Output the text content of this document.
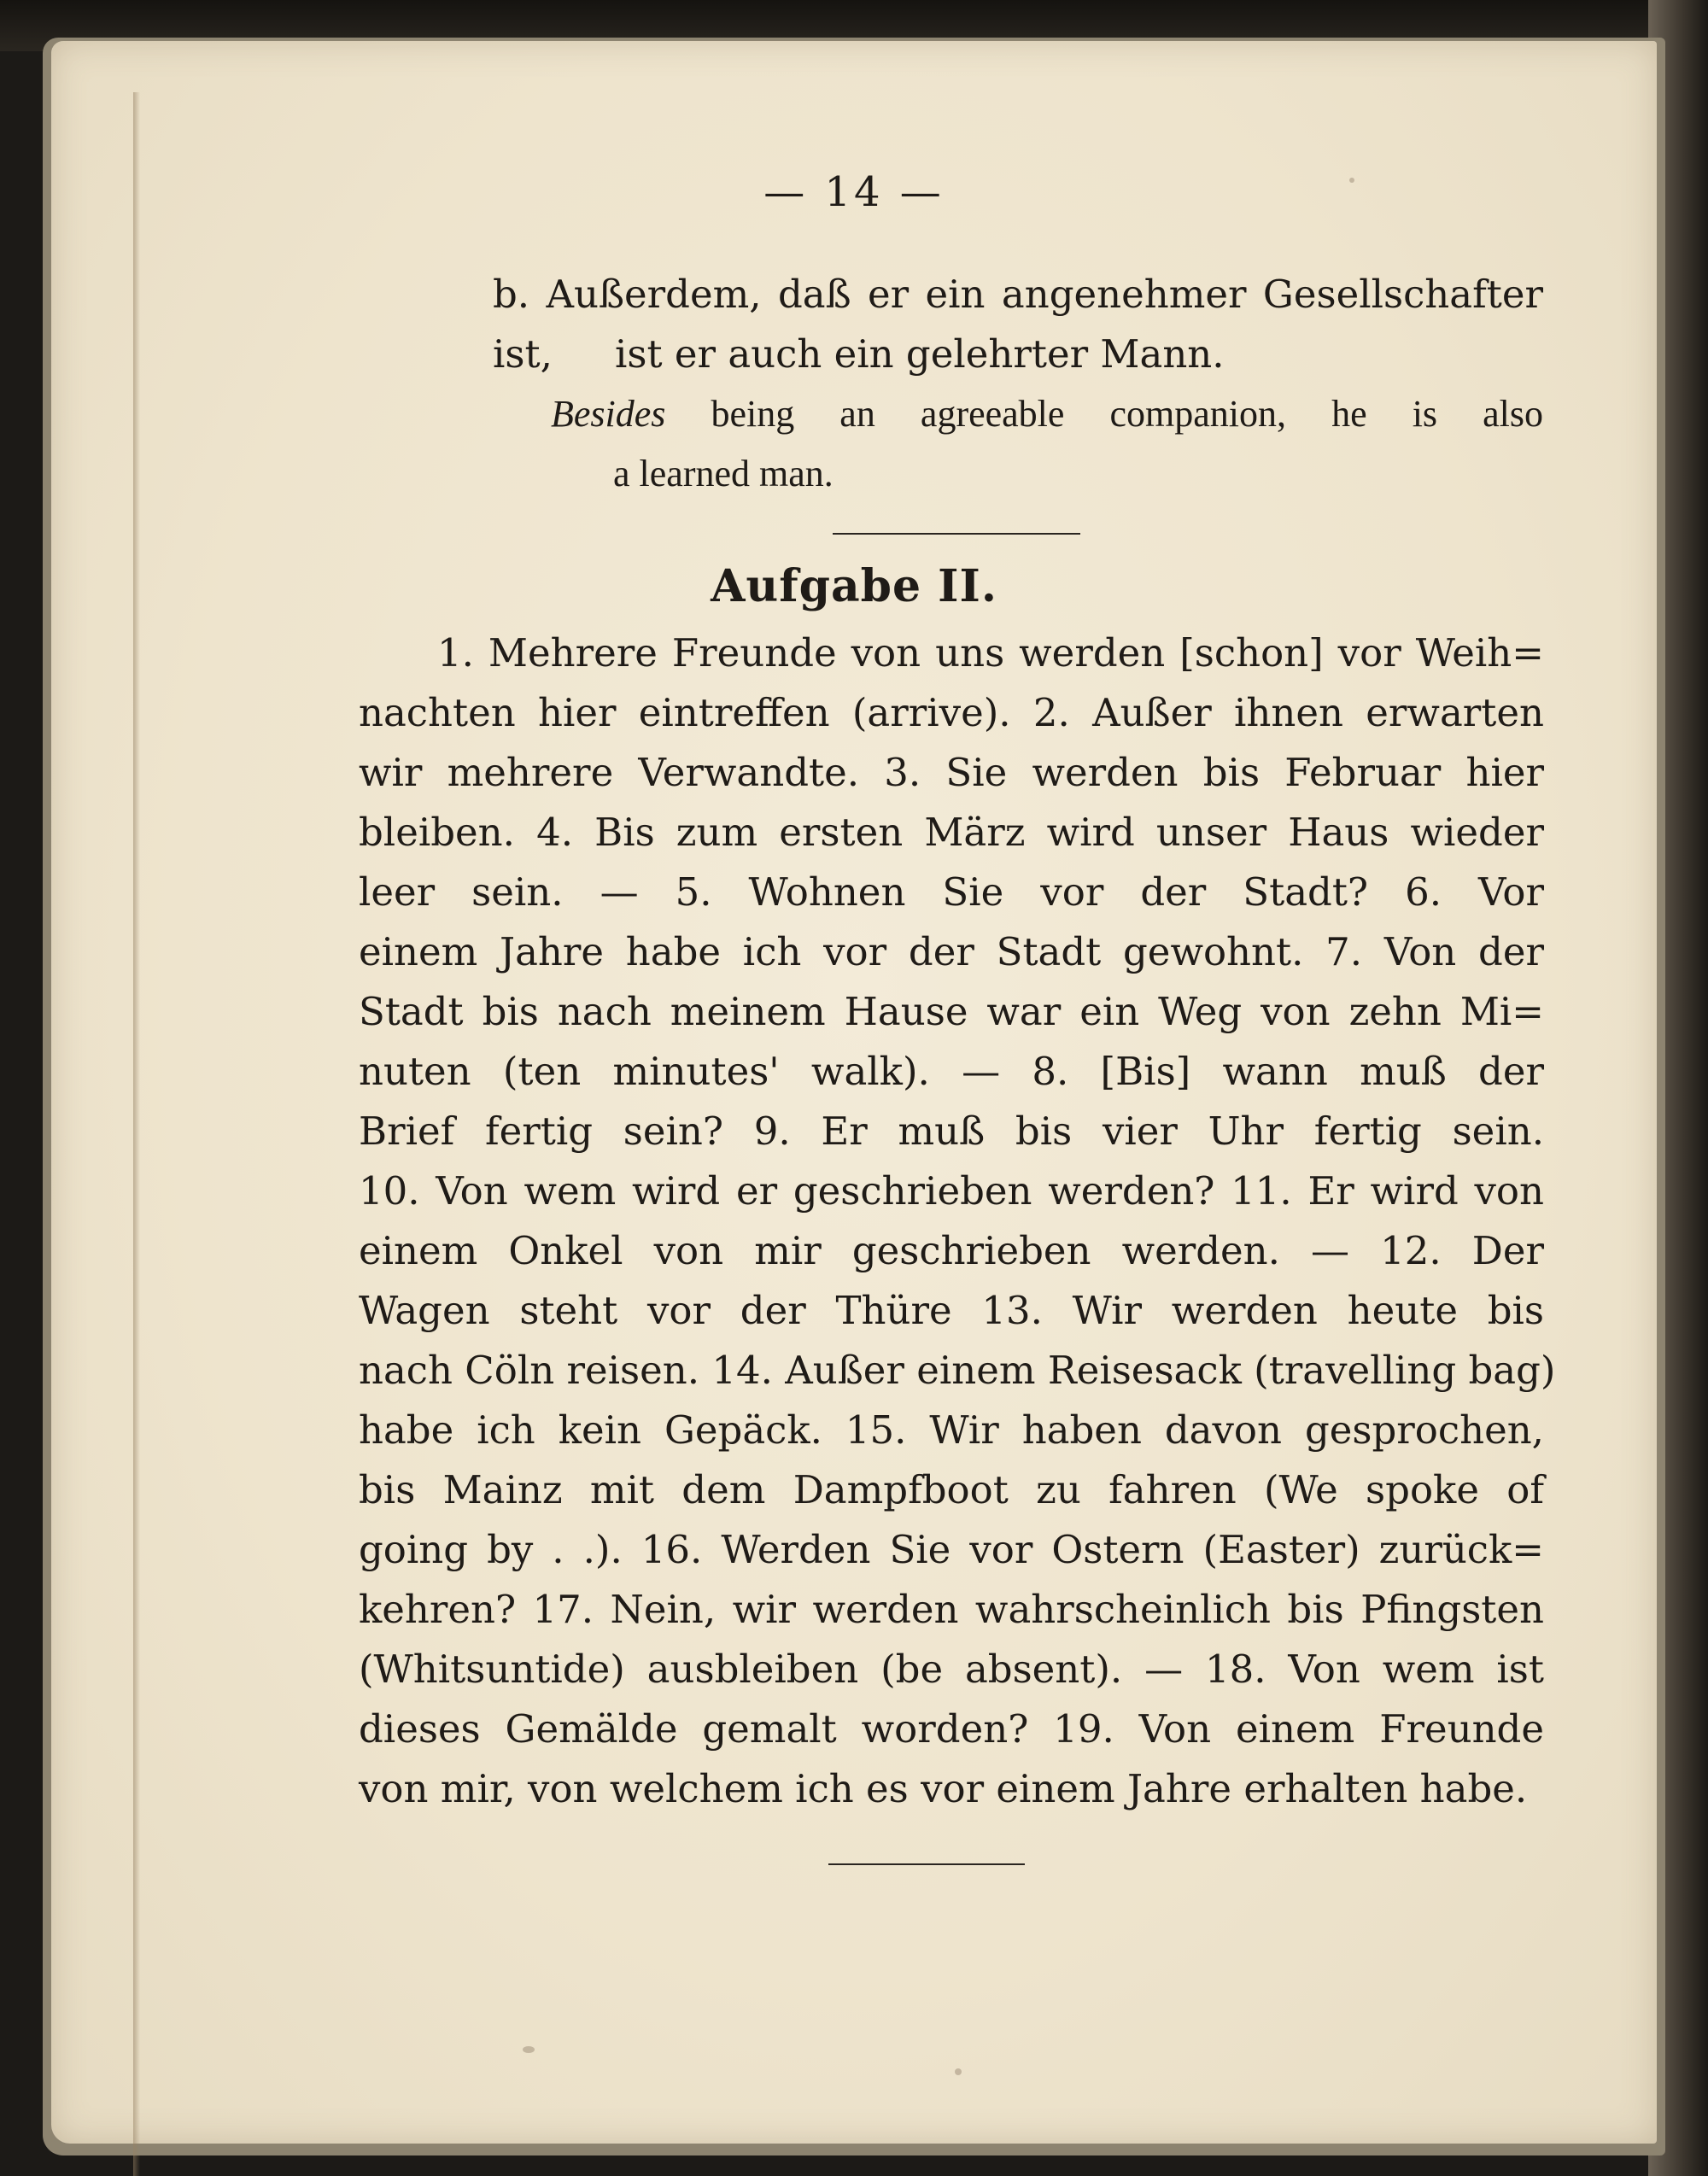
— 14 —
b. Außerdem, daß er ein angenehmer Gesellschafter ist,	ist er auch ein gelehrter Mann.
Besides being an agreeable companion, he is also
a learned man.
Aufgabe II.
1. Mehrere Freunde von uns werden [schon] vor Weih=
nachten hier eintreffen (arrive). 2. Außer ihnen erwarten
wir mehrere Verwandte. 3. Sie werden bis Februar hier
bleiben. 4. Bis zum ersten März wird unser Haus wieder
leer sein. — 5. Wohnen Sie vor der Stadt? 6. Vor
einem Jahre habe ich vor der Stadt gewohnt. 7. Von der
Stadt bis nach meinem Hause war ein Weg von zehn Mi=
nuten (ten minutes' walk). — 8. [Bis] wann muß der
Brief fertig sein? 9. Er muß bis vier Uhr fertig sein.
10. Von wem wird er geschrieben werden? 11. Er wird von
einem Onkel von mir geschrieben werden. — 12. Der
Wagen steht vor der Thüre 13. Wir werden heute bis
nach Cöln reisen. 14. Außer einem Reisesack (travelling bag)
habe ich kein Gepäck. 15. Wir haben davon gesprochen,
bis Mainz mit dem Dampfboot zu fahren (We spoke of
going by . .). 16. Werden Sie vor Ostern (Easter) zurück=
kehren? 17. Nein, wir werden wahrscheinlich bis Pfingsten
(Whitsuntide) ausbleiben (be absent). — 18. Von wem ist
dieses Gemälde gemalt worden? 19. Von einem Freunde
von mir, von welchem ich es vor einem Jahre erhalten habe.
